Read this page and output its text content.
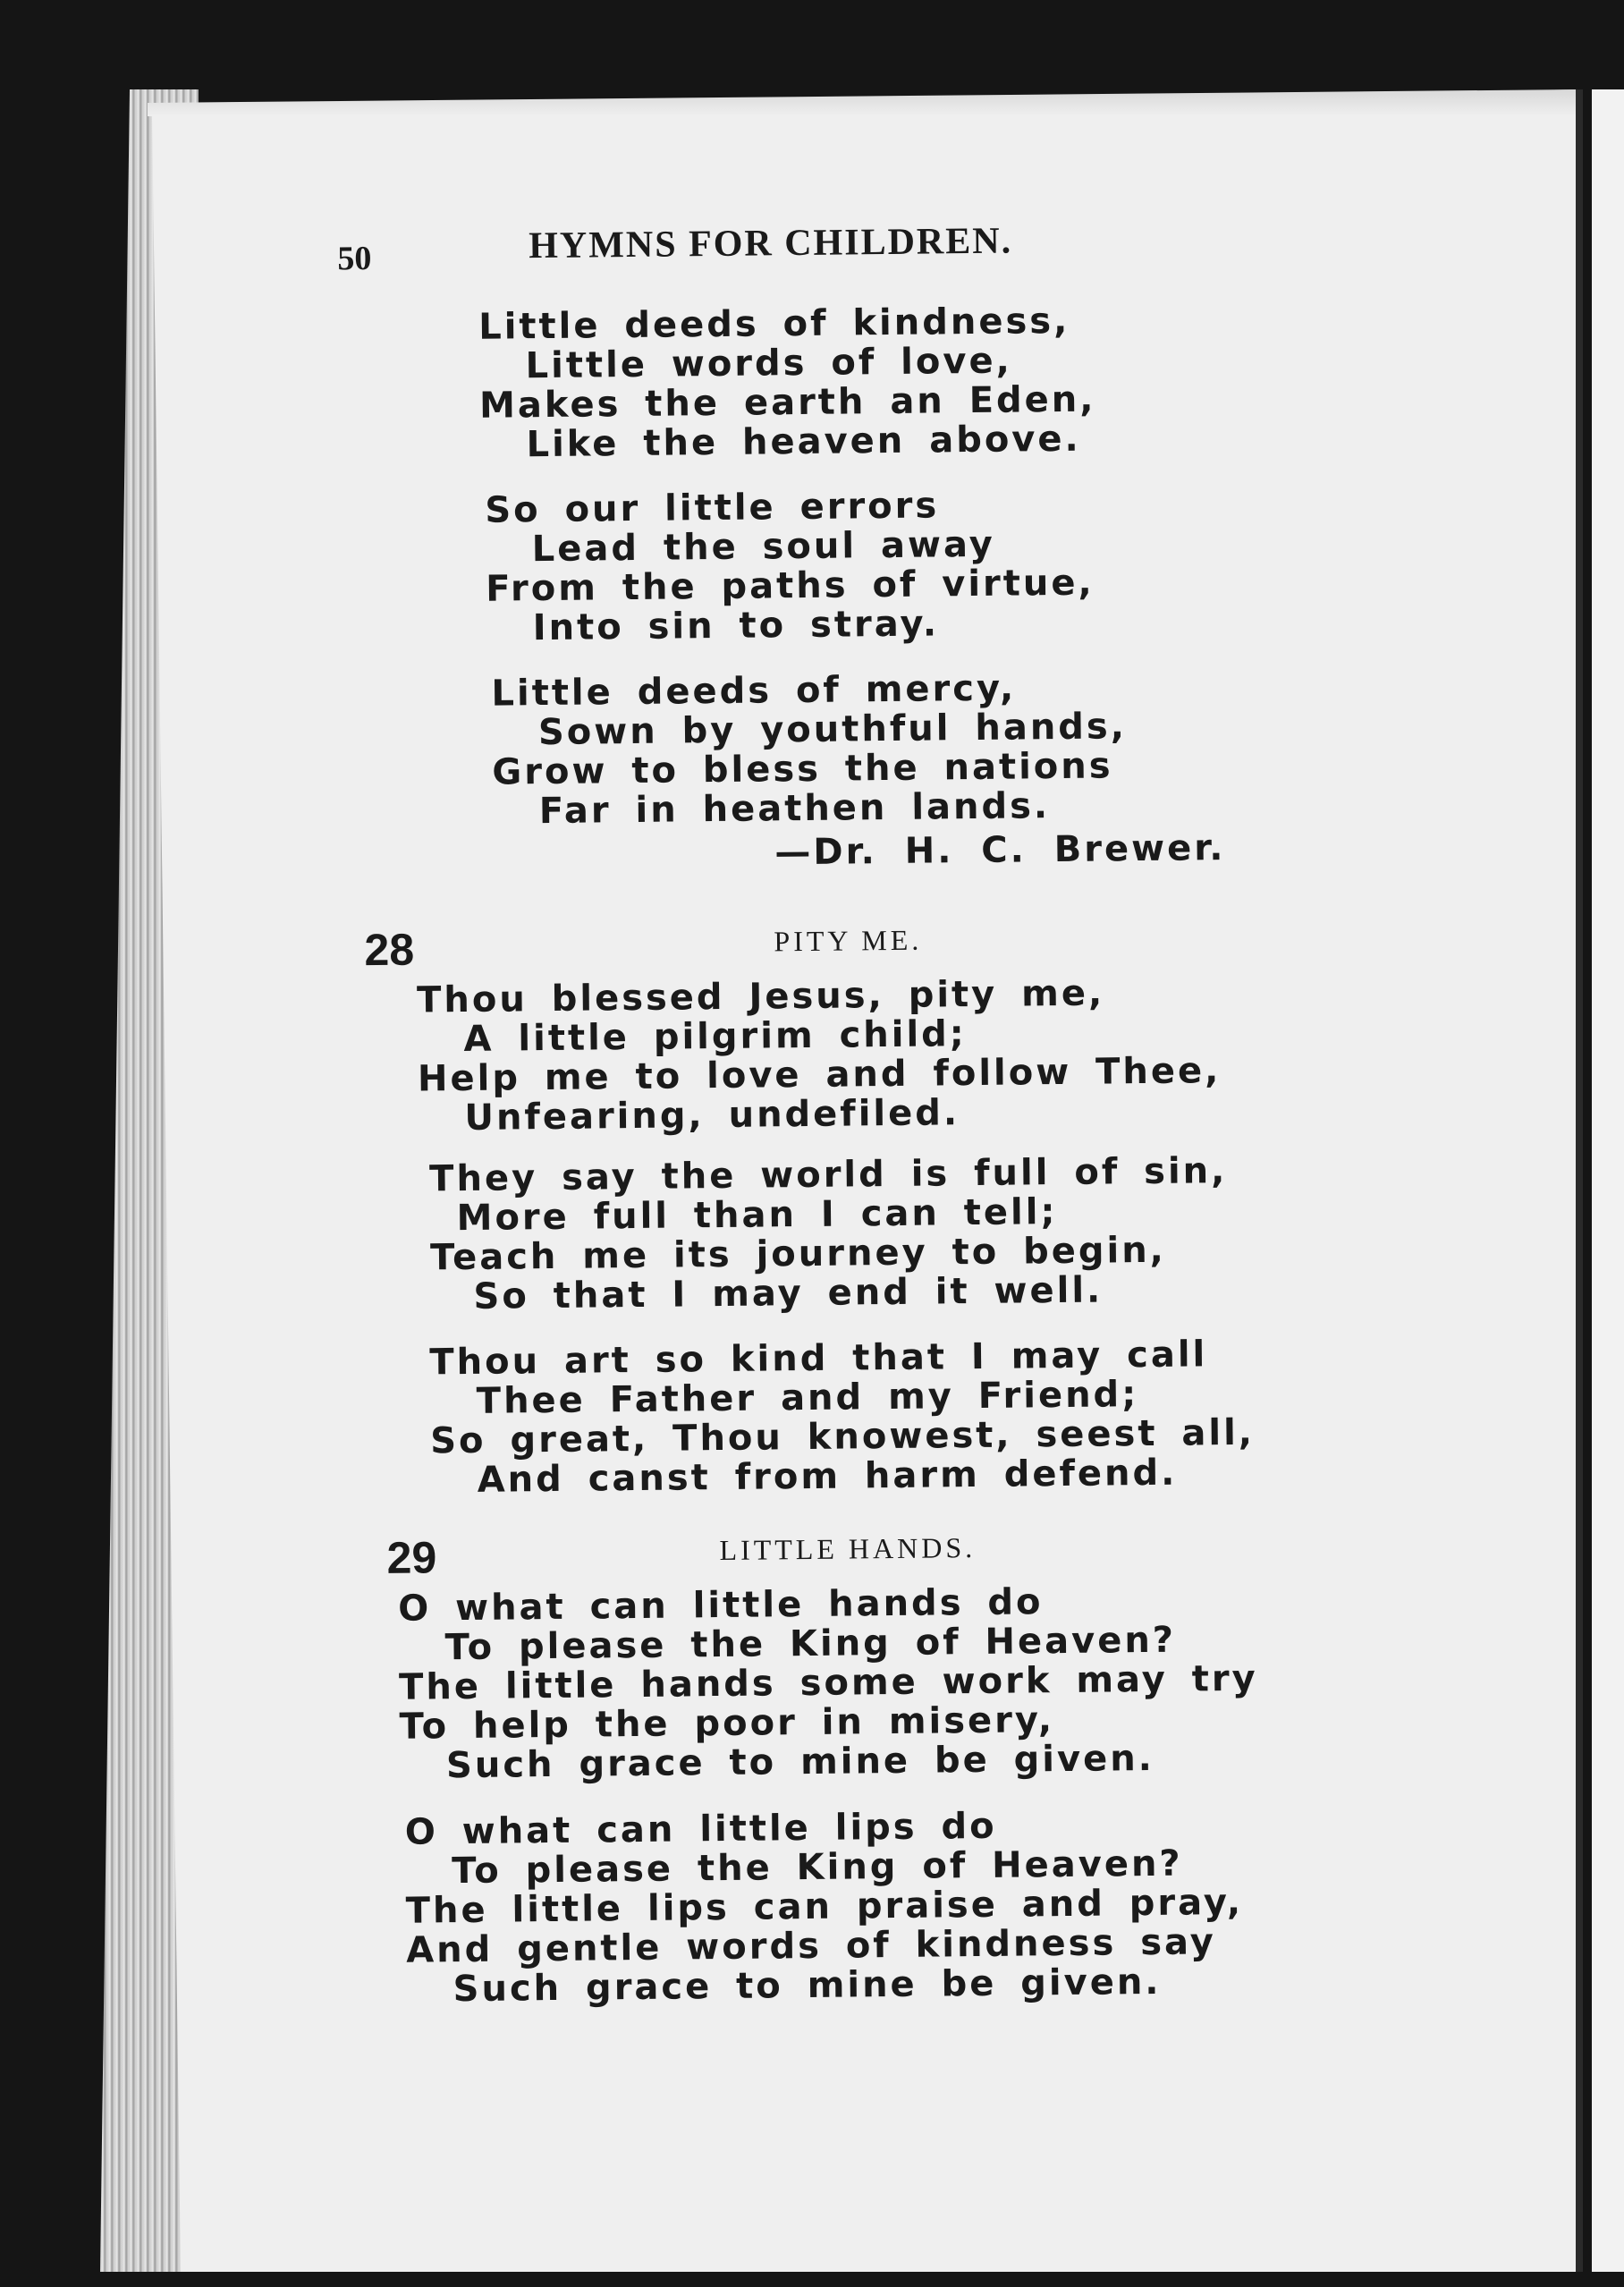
50	HYMNS FOR CHILDREN.
Little deeds of kindness,
Little words of love,
Makes the earth an Eden,
Like the heaven above.
So our little errors
Lead the soul away
From the paths of virtue,
Into sin to stray.
Little deeds of mercy,
Sown by youthful hands,
Grow to bless the nations
Far in heathen lands.
—Dr. H. C. Brewer.
28	PITY ME.
Thou blessed Jesus, pity me,
A little pilgrim child;
Help me to love and follow Thee,
Unfearing, undefiled.
They say the world is full of sin,
More full than I can tell;
Teach me its journey to begin,
So that I may end it well.
Thou art so kind that I may call
Thee Father and my Friend;
So great, Thou knowest, seest all,
And canst from harm defend.
29	LITTLE HANDS.
O what can little hands do
To please the King of Heaven?
The little hands some work may try
To help the poor in misery,
Such grace to mine be given.
O what can little lips do
To please the King of Heaven?
The little lips can praise and pray,
And gentle words of kindness say
Such grace to mine be given.
